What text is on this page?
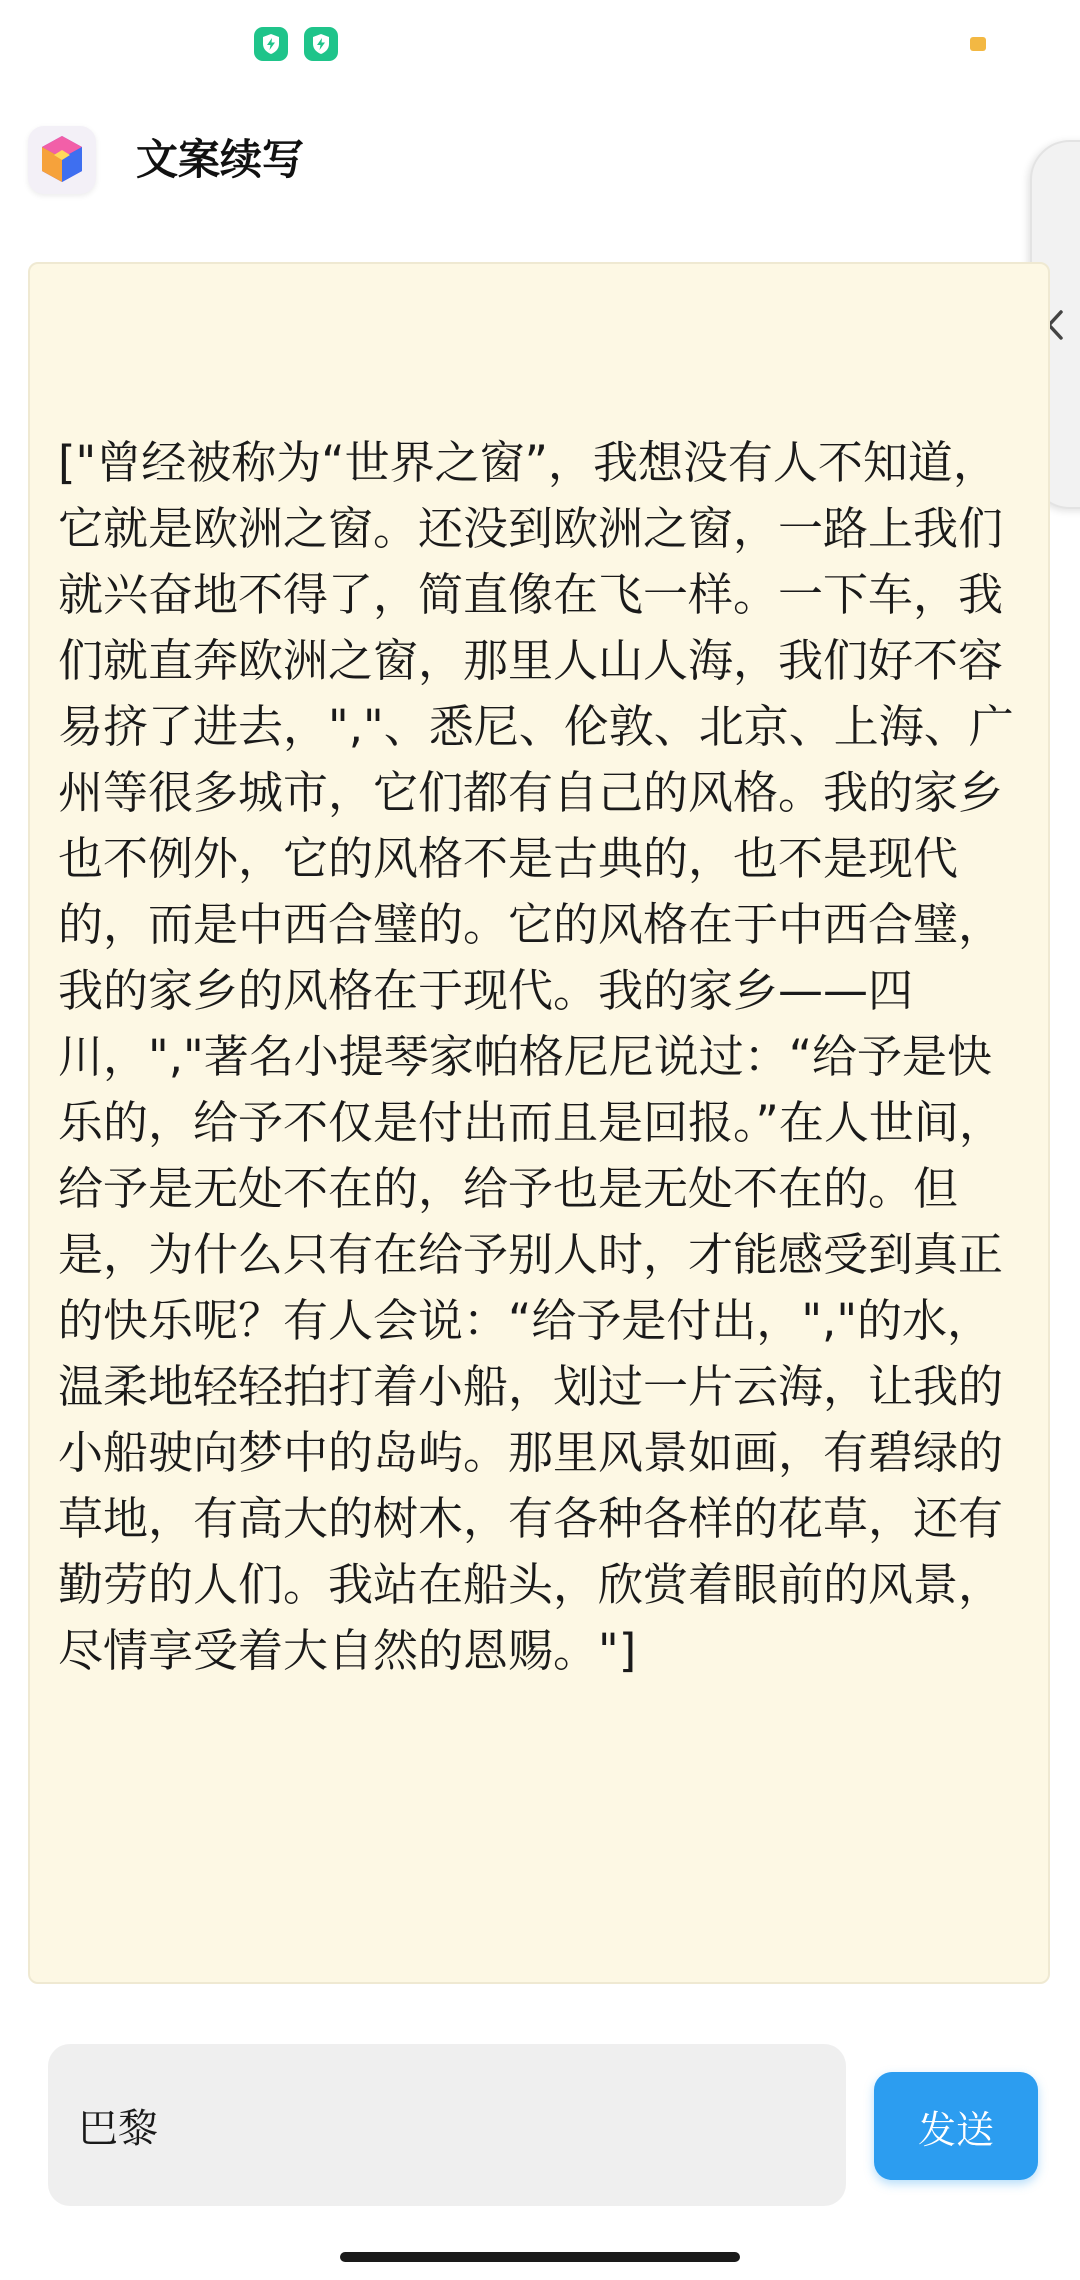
文案续写

["曾经被称为“世界之窗”，我想没有人不知道，它就是欧洲之窗。还没到欧洲之窗，一路上我们就兴奋地不得了，简直像在飞一样。一下车，我们就直奔欧洲之窗，那里人山人海，我们好不容易挤了进去，","、悉尼、伦敦、北京、上海、广州等很多城市，它们都有自己的风格。我的家乡也不例外，它的风格不是古典的，也不是现代的，而是中西合璧的。它的风格在于中西合璧，我的家乡的风格在于现代。我的家乡——四川，","著名小提琴家帕格尼尼说过：“给予是快乐的，给予不仅是付出而且是回报。”在人世间，给予是无处不在的，给予也是无处不在的。但是，为什么只有在给予别人时，才能感受到真正的快乐呢？有人会说：“给予是付出，","的水，温柔地轻轻拍打着小船，划过一片云海，让我的小船驶向梦中的岛屿。那里风景如画，有碧绿的草地，有高大的树木，有各种各样的花草，还有勤劳的人们。我站在船头，欣赏着眼前的风景，尽情享受着大自然的恩赐。"]

巴黎
发送
